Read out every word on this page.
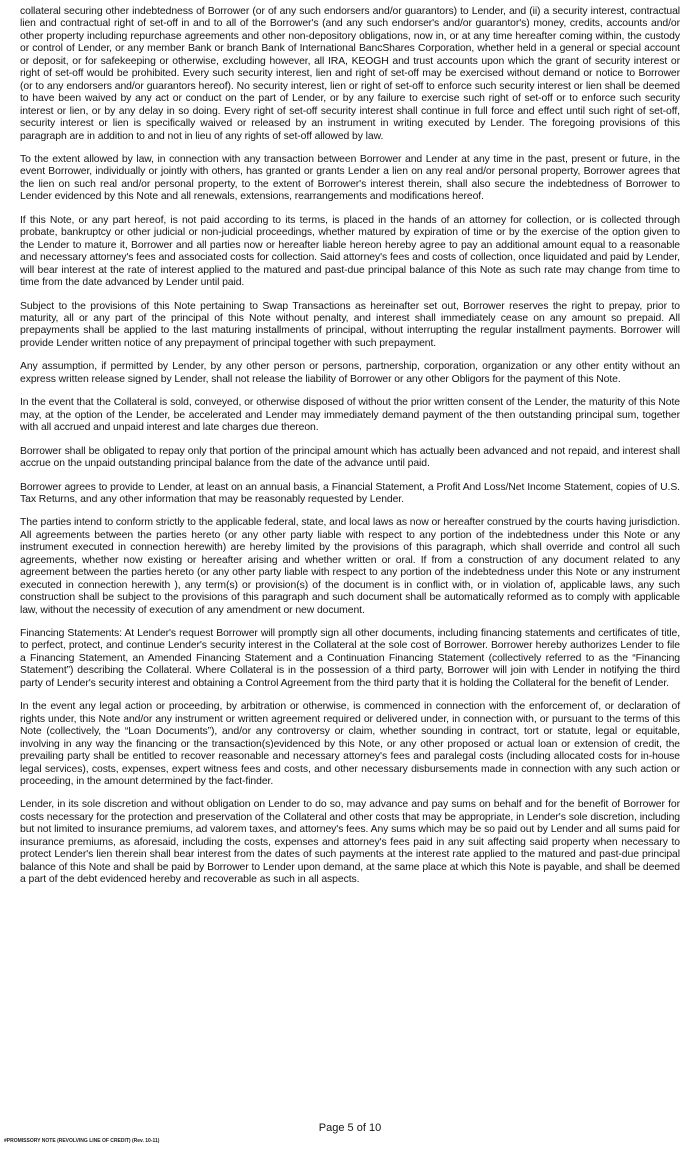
collateral securing other indebtedness of Borrower (or of any such endorsers and/or guarantors) to Lender, and (ii) a security interest, contractual lien and contractual right of set-off in and to all of the Borrower's (and any such endorser's and/or guarantor's) money, credits, accounts and/or other property including repurchase agreements and other non-depository obligations, now in, or at any time hereafter coming within, the custody or control of Lender, or any member Bank or branch Bank of International BancShares Corporation, whether held in a general or special account or deposit, or for safekeeping or otherwise, excluding however, all IRA, KEOGH and trust accounts upon which the grant of security interest or right of set-off would be prohibited. Every such security interest, lien and right of set-off may be exercised without demand or notice to Borrower (or to any endorsers and/or guarantors hereof). No security interest, lien or right of set-off to enforce such security interest or lien shall be deemed to have been waived by any act or conduct on the part of Lender, or by any failure to exercise such right of set-off or to enforce such security interest or lien, or by any delay in so doing. Every right of set-off security interest shall continue in full force and effect until such right of set-off, security interest or lien is specifically waived or released by an instrument in writing executed by Lender. The foregoing provisions of this paragraph are in addition to and not in lieu of any rights of set-off allowed by law.

To the extent allowed by law, in connection with any transaction between Borrower and Lender at any time in the past, present or future, in the event Borrower, individually or jointly with others, has granted or grants Lender a lien on any real and/or personal property, Borrower agrees that the lien on such real and/or personal property, to the extent of Borrower's interest therein, shall also secure the indebtedness of Borrower to Lender evidenced by this Note and all renewals, extensions, rearrangements and modifications hereof.

If this Note, or any part hereof, is not paid according to its terms, is placed in the hands of an attorney for collection, or is collected through probate, bankruptcy or other judicial or non-judicial proceedings, whether matured by expiration of time or by the exercise of the option given to the Lender to mature it, Borrower and all parties now or hereafter liable hereon hereby agree to pay an additional amount equal to a reasonable and necessary attorney's fees and associated costs for collection. Said attorney's fees and costs of collection, once liquidated and paid by Lender, will bear interest at the rate of interest applied to the matured and past-due principal balance of this Note as such rate may change from time to time from the date advanced by Lender until paid.

Subject to the provisions of this Note pertaining to Swap Transactions as hereinafter set out, Borrower reserves the right to prepay, prior to maturity, all or any part of the principal of this Note without penalty, and interest shall immediately cease on any amount so prepaid. All prepayments shall be applied to the last maturing installments of principal, without interrupting the regular installment payments. Borrower will provide Lender written notice of any prepayment of principal together with such prepayment.

Any assumption, if permitted by Lender, by any other person or persons, partnership, corporation, organization or any other entity without an express written release signed by Lender, shall not release the liability of Borrower or any other Obligors for the payment of this Note.

In the event that the Collateral is sold, conveyed, or otherwise disposed of without the prior written consent of the Lender, the maturity of this Note may, at the option of the Lender, be accelerated and Lender may immediately demand payment of the then outstanding principal sum, together with all accrued and unpaid interest and late charges due thereon.

Borrower shall be obligated to repay only that portion of the principal amount which has actually been advanced and not repaid, and interest shall accrue on the unpaid outstanding principal balance from the date of the advance until paid.

Borrower agrees to provide to Lender, at least on an annual basis, a Financial Statement, a Profit And Loss/Net Income Statement, copies of U.S. Tax Returns, and any other information that may be reasonably requested by Lender.

The parties intend to conform strictly to the applicable federal, state, and local laws as now or hereafter construed by the courts having jurisdiction. All agreements between the parties hereto (or any other party liable with respect to any portion of the indebtedness under this Note or any instrument executed in connection herewith) are hereby limited by the provisions of this paragraph, which shall override and control all such agreements, whether now existing or hereafter arising and whether written or oral. If from a construction of any document related to any agreement between the parties hereto (or any other party liable with respect to any portion of the indebtedness under this Note or any instrument executed in connection herewith ), any term(s) or provision(s) of the document is in conflict with, or in violation of, applicable laws, any such construction shall be subject to the provisions of this paragraph and such document shall be automatically reformed as to comply with applicable law, without the necessity of execution of any amendment or new document.

Financing Statements: At Lender's request Borrower will promptly sign all other documents, including financing statements and certificates of title, to perfect, protect, and continue Lender's security interest in the Collateral at the sole cost of Borrower. Borrower hereby authorizes Lender to file a Financing Statement, an Amended Financing Statement and a Continuation Financing Statement (collectively referred to as the “Financing Statement”) describing the Collateral. Where Collateral is in the possession of a third party, Borrower will join with Lender in notifying the third party of Lender's security interest and obtaining a Control Agreement from the third party that it is holding the Collateral for the benefit of Lender.

In the event any legal action or proceeding, by arbitration or otherwise, is commenced in connection with the enforcement of, or declaration of rights under, this Note and/or any instrument or written agreement required or delivered under, in connection with, or pursuant to the terms of this Note (collectively, the “Loan Documents”), and/or any controversy or claim, whether sounding in contract, tort or statute, legal or equitable, involving in any way the financing or the transaction(s)evidenced by this Note, or any other proposed or actual loan or extension of credit, the prevailing party shall be entitled to recover reasonable and necessary attorney's fees and paralegal costs (including allocated costs for in-house legal services), costs, expenses, expert witness fees and costs, and other necessary disbursements made in connection with any such action or proceeding, in the amount determined by the fact-finder.

Lender, in its sole discretion and without obligation on Lender to do so, may advance and pay sums on behalf and for the benefit of Borrower for costs necessary for the protection and preservation of the Collateral and other costs that may be appropriate, in Lender's sole discretion, including but not limited to insurance premiums, ad valorem taxes, and attorney's fees. Any sums which may be so paid out by Lender and all sums paid for insurance premiums, as aforesaid, including the costs, expenses and attorney's fees paid in any suit affecting said property when necessary to protect Lender's lien therein shall bear interest from the dates of such payments at the interest rate applied to the matured and past-due principal balance of this Note and shall be paid by Borrower to Lender upon demand, at the same place at which this Note is payable, and shall be deemed a part of the debt evidenced hereby and recoverable as such in all aspects.

Page 5 of 10
#PROMISSORY NOTE (REVOLVING LINE OF CREDIT) (Rev. 10-11)
